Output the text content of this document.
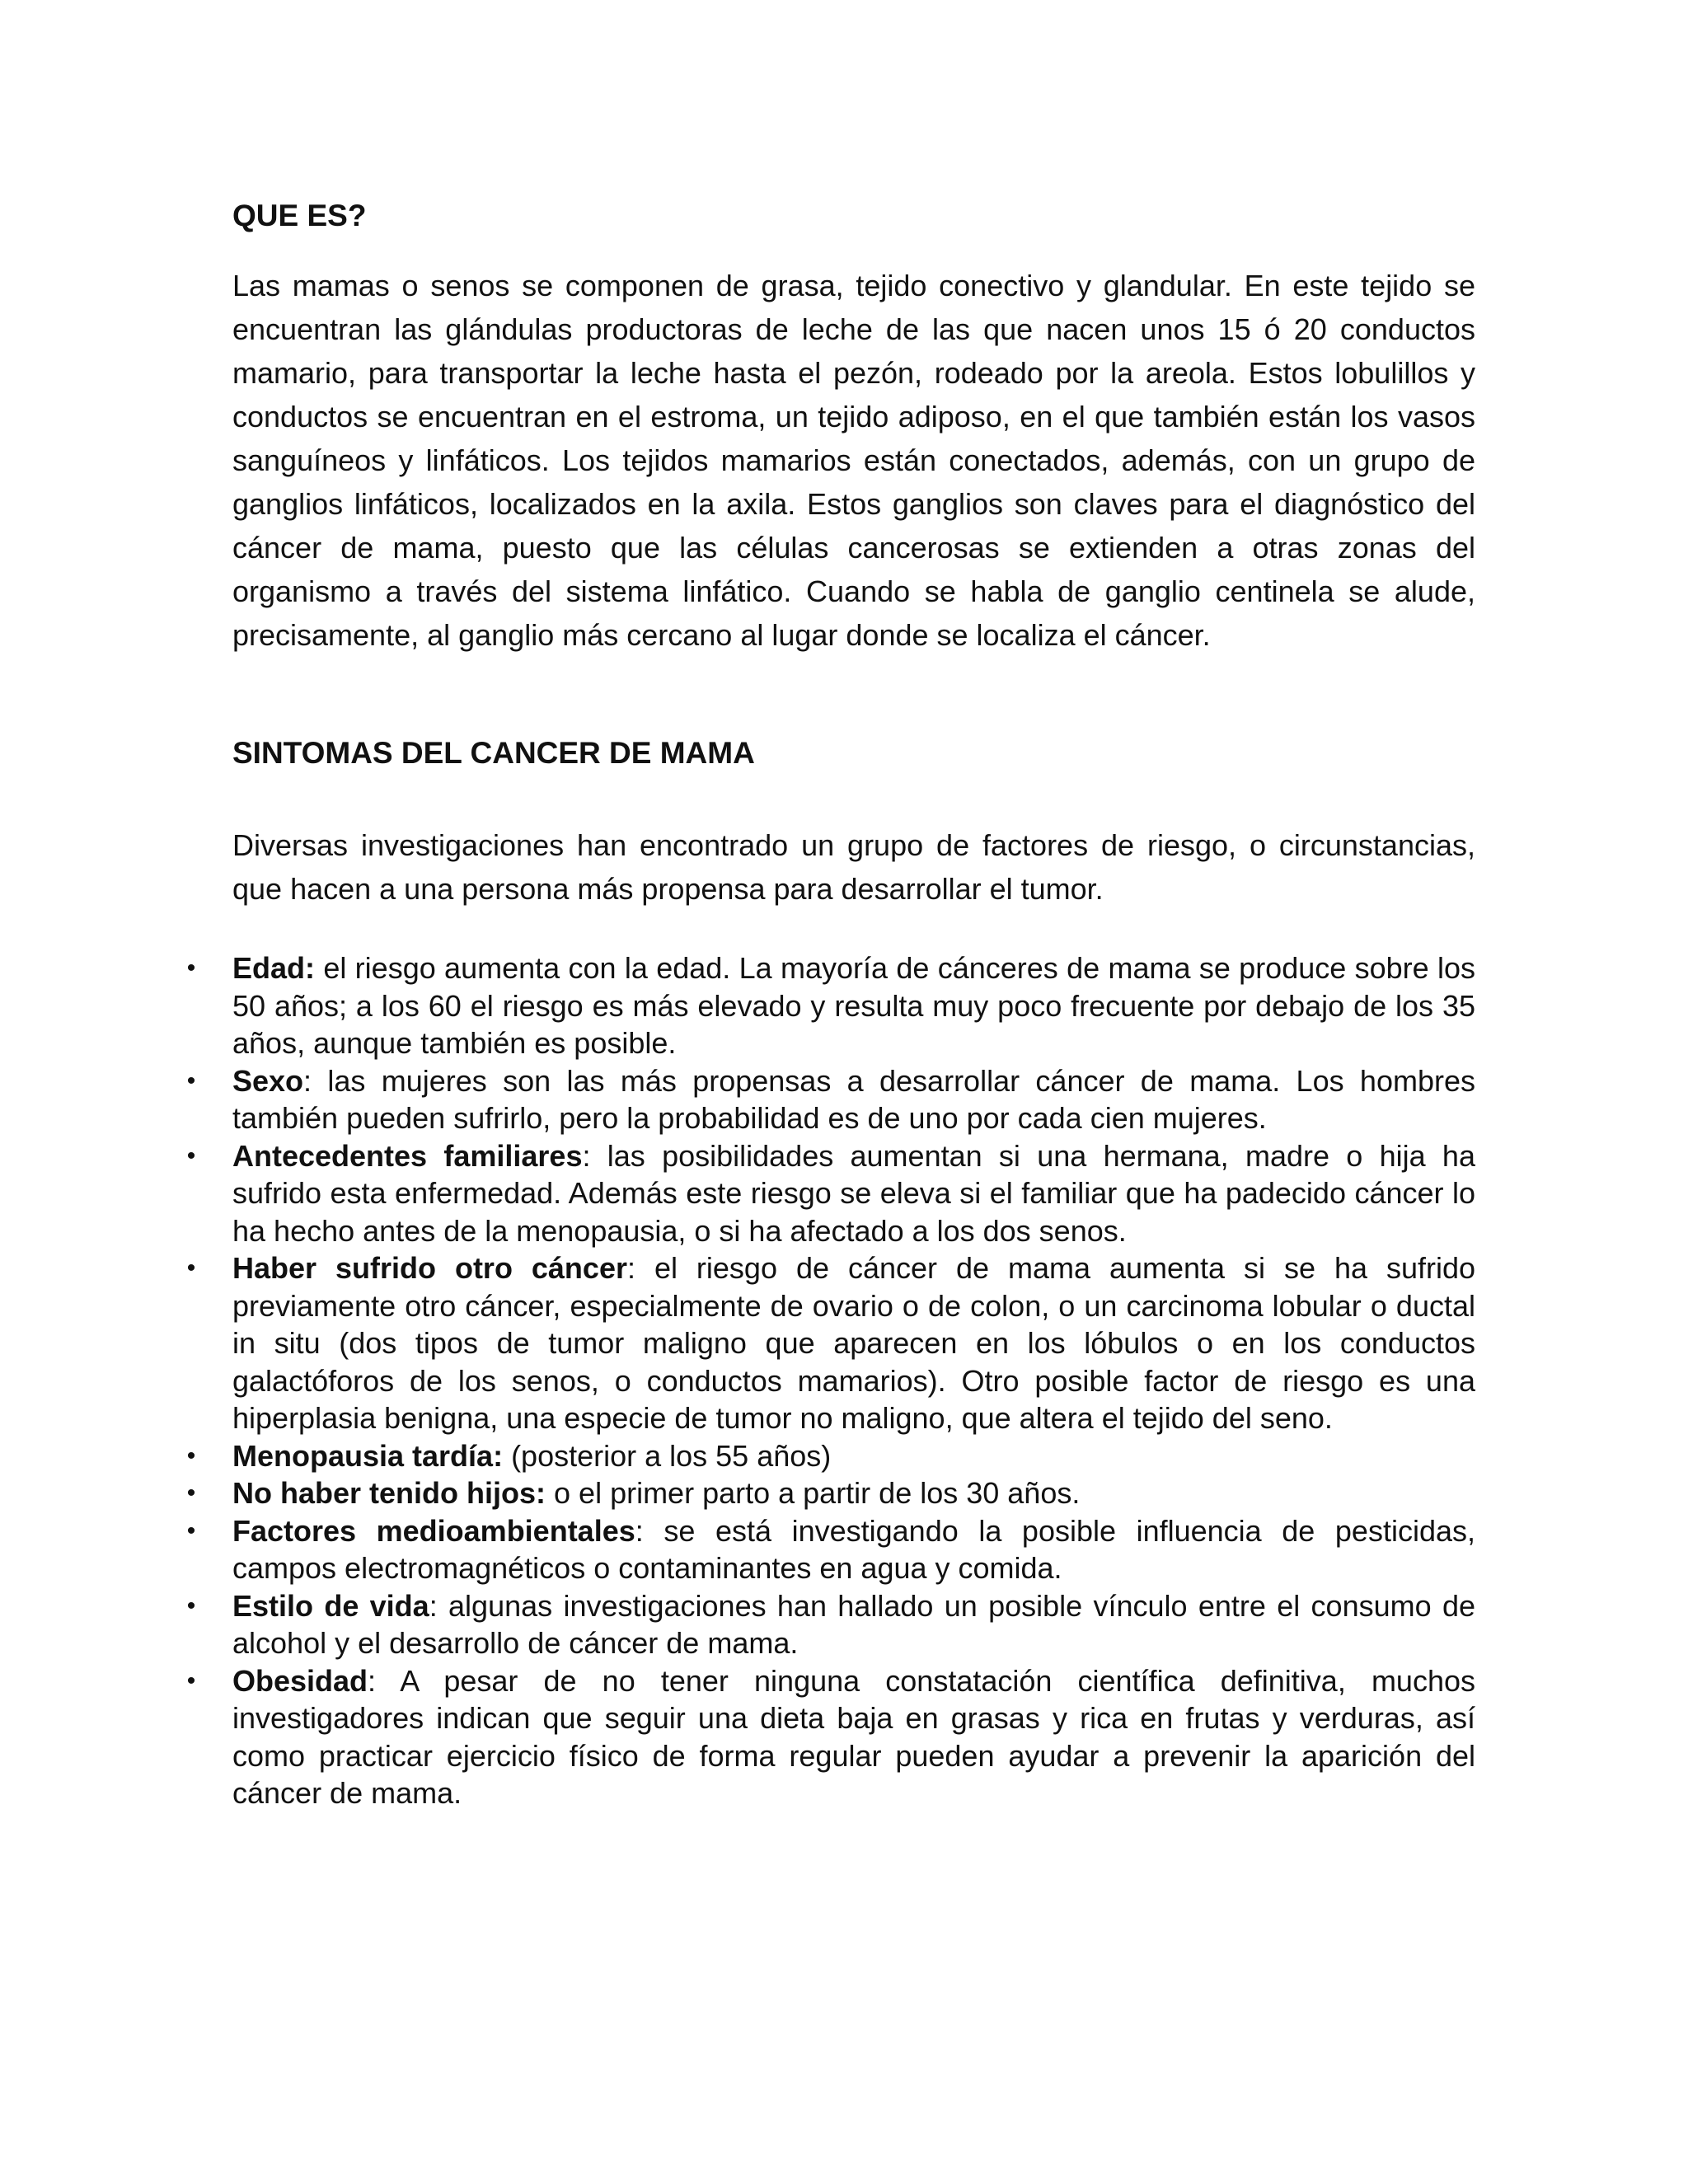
QUE ES?

Las mamas o senos se componen de grasa, tejido conectivo y glandular. En este tejido se encuentran las glándulas productoras de leche de las que nacen unos 15 ó 20 conductos mamario, para transportar la leche hasta el pezón, rodeado por la areola. Estos lobulillos y conductos se encuentran en el estroma, un tejido adiposo, en el que también están los vasos sanguíneos y linfáticos. Los tejidos mamarios están conectados, además, con un grupo de ganglios linfáticos, localizados en la axila. Estos ganglios son claves para el diagnóstico del cáncer de mama, puesto que las células cancerosas se extienden a otras zonas del organismo a través del sistema linfático. Cuando se habla de ganglio centinela se alude, precisamente, al ganglio más cercano al lugar donde se localiza el cáncer.

SINTOMAS DEL CANCER DE MAMA

Diversas investigaciones han encontrado un grupo de factores de riesgo, o circunstancias, que hacen a una persona más propensa para desarrollar el tumor.

• Edad: el riesgo aumenta con la edad. La mayoría de cánceres de mama se produce sobre los 50 años; a los 60 el riesgo es más elevado y resulta muy poco frecuente por debajo de los 35 años, aunque también es posible.
• Sexo: las mujeres son las más propensas a desarrollar cáncer de mama. Los hombres también pueden sufrirlo, pero la probabilidad es de uno por cada cien mujeres.
• Antecedentes familiares: las posibilidades aumentan si una hermana, madre o hija ha sufrido esta enfermedad. Además este riesgo se eleva si el familiar que ha padecido cáncer lo ha hecho antes de la menopausia, o si ha afectado a los dos senos.
• Haber sufrido otro cáncer: el riesgo de cáncer de mama aumenta si se ha sufrido previamente otro cáncer, especialmente de ovario o de colon, o un carcinoma lobular o ductal in situ (dos tipos de tumor maligno que aparecen en los lóbulos o en los conductos galactóforos de los senos, o conductos mamarios). Otro posible factor de riesgo es una hiperplasia benigna, una especie de tumor no maligno, que altera el tejido del seno.
• Menopausia tardía: (posterior a los 55 años)
• No haber tenido hijos: o el primer parto a partir de los 30 años.
• Factores medioambientales: se está investigando la posible influencia de pesticidas, campos electromagnéticos o contaminantes en agua y comida.
• Estilo de vida: algunas investigaciones han hallado un posible vínculo entre el consumo de alcohol y el desarrollo de cáncer de mama.
• Obesidad: A pesar de no tener ninguna constatación científica definitiva, muchos investigadores indican que seguir una dieta baja en grasas y rica en frutas y verduras, así como practicar ejercicio físico de forma regular pueden ayudar a prevenir la aparición del cáncer de mama.
